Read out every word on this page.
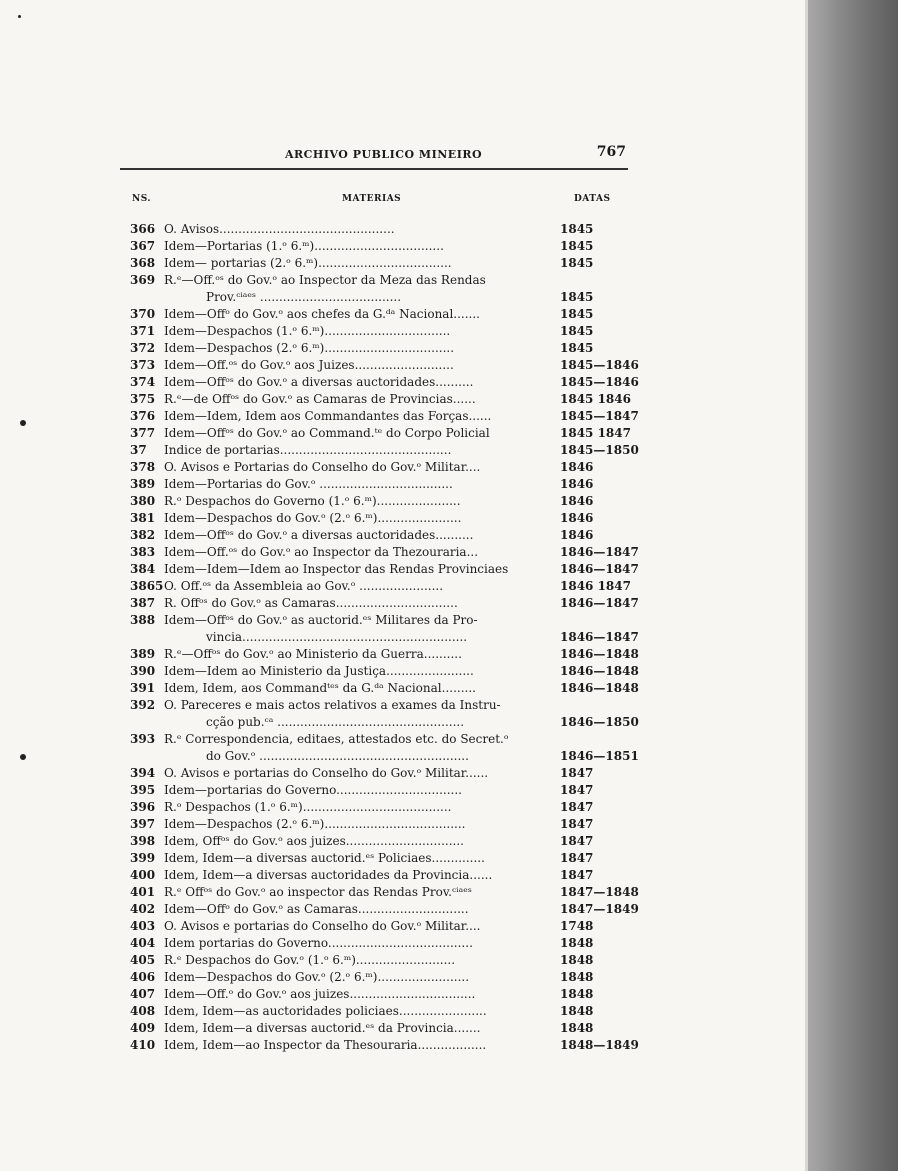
ARCHIVO PUBLICO MINEIRO	767
NS.	MATERIAS	DATAS
366 O. Avisos..............................................	1845
367 Idem—Portarias (1.ᵒ 6.ᵐ)..................................	1845
368 Idem— portarias (2.ᵒ 6.ᵐ)...................................	1845
369 R.ᵉ—Off.ᵒˢ do Gov.ᵒ ao Inspector da Meza das Rendas
Prov.ᶜⁱᵃᵉˢ .....................................	1845
370 Idem—Offᵒ do Gov.ᵒ aos chefes da G.ᵈᵃ Nacional.......	1845
371 Idem—Despachos (1.ᵒ 6.ᵐ).................................	1845
372 Idem—Despachos (2.ᵒ 6.ᵐ)..................................	1845
373 Idem—Off.ᵒˢ do Gov.ᵒ aos Juizes..........................	1845—1846
374 Idem—Offᵒˢ do Gov.ᵒ a diversas auctoridades..........	1845—1846
375 R.ᵉ—de Offᵒˢ do Gov.ᵒ as Camaras de Provincias......	1845 1846
376 Idem—Idem, Idem aos Commandantes das Forças......	1845—1847
377 Idem—Offᵒˢ do Gov.ᵒ ao Command.ᵗᵉ do Corpo Policial	1845 1847
37	Indice de portarias.............................................	1845—1850
378 O. Avisos e Portarias do Conselho do Gov.ᵒ Militar....	1846
389 Idem—Portarias do Gov.ᵒ ...................................	1846
380 R.ᵒ Despachos do Governo (1.ᵒ 6.ᵐ)......................	1846
381 Idem—Despachos do Gov.ᵒ (2.ᵒ 6.ᵐ)......................	1846
382 Idem—Offᵒˢ do Gov.ᵒ a diversas auctoridades..........	1846
383 Idem—Off.ᵒˢ do Gov.ᵒ ao Inspector da Thezouraria...	1846—1847
384 Idem—Idem—Idem ao Inspector das Rendas Provinciaes	1846—1847
3865 O. Off.ᵒˢ da Assembleia ao Gov.ᵒ ......................	1846 1847
387 R. Offᵒˢ do Gov.ᵒ as Camaras................................	1846—1847
388 Idem—Offᵒˢ do Gov.ᵒ as auctorid.ᵉˢ Militares da Pro-
vincia...........................................................	1846—1847
389 R.ᵉ—Offᵒˢ do Gov.ᵒ ao Ministerio da Guerra..........	1846—1848
390 Idem—Idem ao Ministerio da Justiça.......................	1846—1848
391 Idem, Idem, aos Commandᵗᵉˢ da G.ᵈᵃ Nacional.........	1846—1848
392 O. Pareceres e mais actos relativos a exames da Instru-
cção pub.ᶜᵃ .................................................	1846—1850
393 R.ᵉ Correspondencia, editaes, attestados etc. do Secret.ᵒ
do Gov.ᵒ .......................................................	1846—1851
394 O. Avisos e portarias do Conselho do Gov.ᵒ Militar......	1847
395 Idem—portarias do Governo.................................	1847
396 R.ᵒ Despachos (1.ᵒ 6.ᵐ).......................................	1847
397 Idem—Despachos (2.ᵒ 6.ᵐ).....................................	1847
398 Idem, Offᵒˢ do Gov.ᵒ aos juizes...............................	1847
399 Idem, Idem—a diversas auctorid.ᵉˢ Policiaes..............	1847
400 Idem, Idem—a diversas auctoridades da Provincia......	1847
401 R.ᵉ Offᵒˢ do Gov.ᵒ ao inspector das Rendas Prov.ᶜⁱᵃᵉˢ	1847—1848
402 Idem—Offᵒ do Gov.ᵒ as Camaras.............................	1847—1849
403 O. Avisos e portarias do Conselho do Gov.ᵒ Militar....	1748
404 Idem portarias do Governo......................................	1848
405 R.ᵉ Despachos do Gov.ᵒ (1.ᵒ 6.ᵐ)..........................	1848
406 Idem—Despachos do Gov.ᵒ (2.ᵒ 6.ᵐ)........................	1848
407 Idem—Off.ᵒ do Gov.ᵒ aos juizes.................................	1848
408 Idem, Idem—as auctoridades policiaes.......................	1848
409 Idem, Idem—a diversas auctorid.ᵉˢ da Provincia.......	1848
410 Idem, Idem—ao Inspector da Thesouraria..................	1848—1849
